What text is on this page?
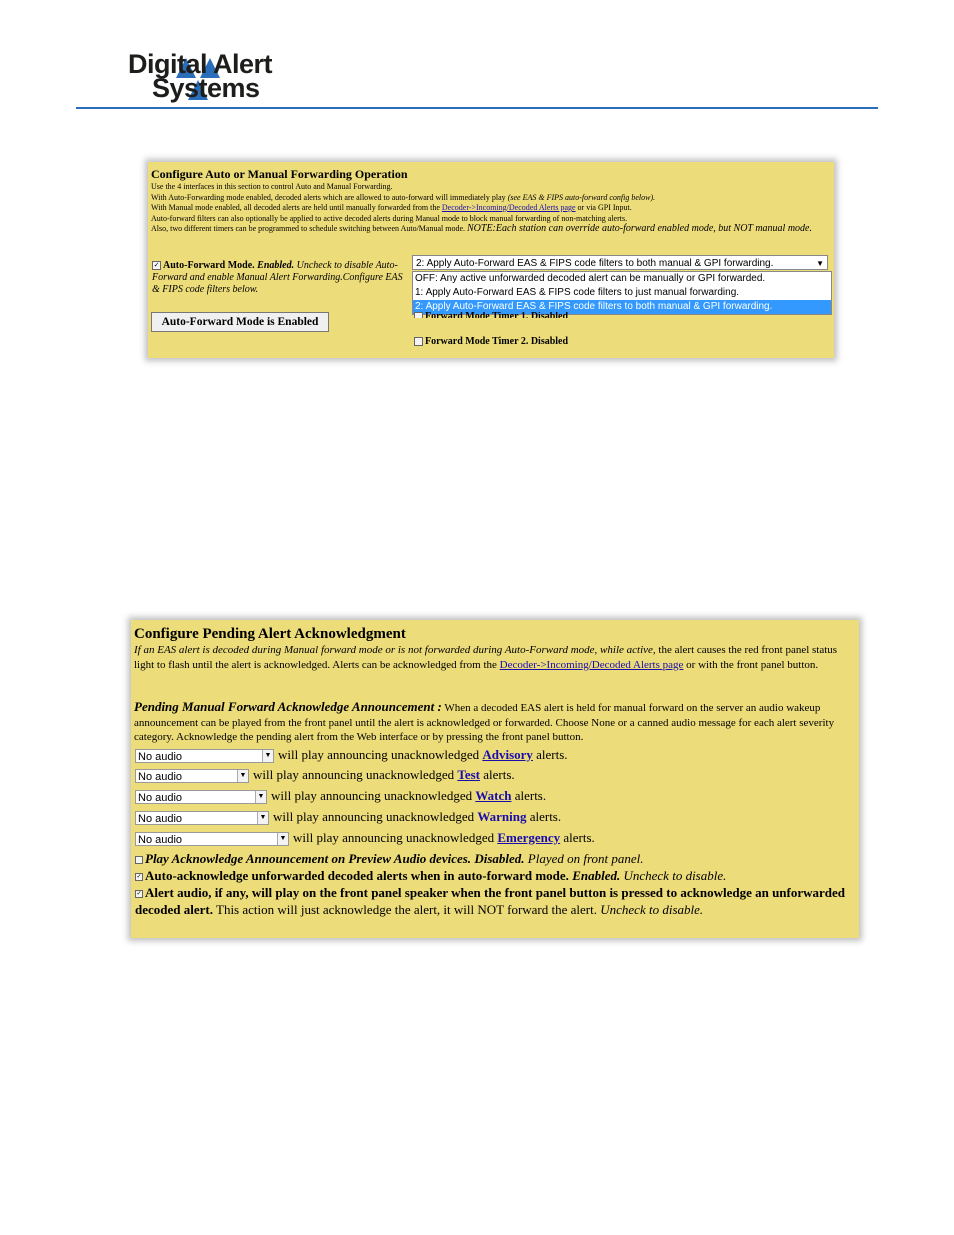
Digital Alert
Systems
Configure Auto or Manual Forwarding Operation
Use the 4 interfaces in this section to control Auto and Manual Forwarding.
With Auto-Forwarding mode enabled, decoded alerts which are allowed to auto-forward will immediately play (see EAS & FIPS auto-forward config below).
With Manual mode enabled, all decoded alerts are held until manually forwarded from the Decoder->Incoming/Decoded Alerts page or via GPI Input.
Auto-forward filters can also optionally be applied to active decoded alerts during Manual mode to block manual forwarding of non-matching alerts.
Also, two different timers can be programmed to schedule switching between Auto/Manual mode. NOTE:Each station can override auto-forward enabled mode, but NOT manual mode.
✓ Auto-Forward Mode. Enabled. Uncheck to disable Auto-Forward and enable Manual Alert Forwarding.Configure EAS & FIPS code filters below.
Auto-Forward Mode is Enabled
2: Apply Auto-Forward EAS & FIPS code filters to both manual & GPI forwarding.	▼
OFF: Any active unforwarded decoded alert can be manually or GPI forwarded.
1: Apply Auto-Forward EAS & FIPS code filters to just manual forwarding.
2: Apply Auto-Forward EAS & FIPS code filters to both manual & GPI forwarding.
Forward Mode Timer 1. Disabled
Forward Mode Timer 2. Disabled
Configure Pending Alert Acknowledgment
If an EAS alert is decoded during Manual forward mode or is not forwarded during Auto-Forward mode, while active, the alert causes the red front panel status light to flash until the alert is acknowledged. Alerts can be acknowledged from the Decoder->Incoming/Decoded Alerts page or with the front panel button.
Pending Manual Forward Acknowledge Announcement : When a decoded EAS alert is held for manual forward on the server an audio wakeup announcement can be played from the front panel until the alert is acknowledged or forwarded. Choose None or a canned audio message for each alert severity category. Acknowledge the pending alert from the Web interface or by pressing the front panel button.
No audio	▼ will play announcing unacknowledged Advisory alerts.
No audio	▼ will play announcing unacknowledged Test alerts.
No audio	▼ will play announcing unacknowledged Watch alerts.
No audio	▼ will play announcing unacknowledged Warning alerts.
No audio	▼ will play announcing unacknowledged Emergency alerts.
Play Acknowledge Announcement on Preview Audio devices. Disabled. Played on front panel.
✓ Auto-acknowledge unforwarded decoded alerts when in auto-forward mode. Enabled. Uncheck to disable.
✓ Alert audio, if any, will play on the front panel speaker when the front panel button is pressed to acknowledge an unforwarded decoded alert. This action will just acknowledge the alert, it will NOT forward the alert. Uncheck to disable.
